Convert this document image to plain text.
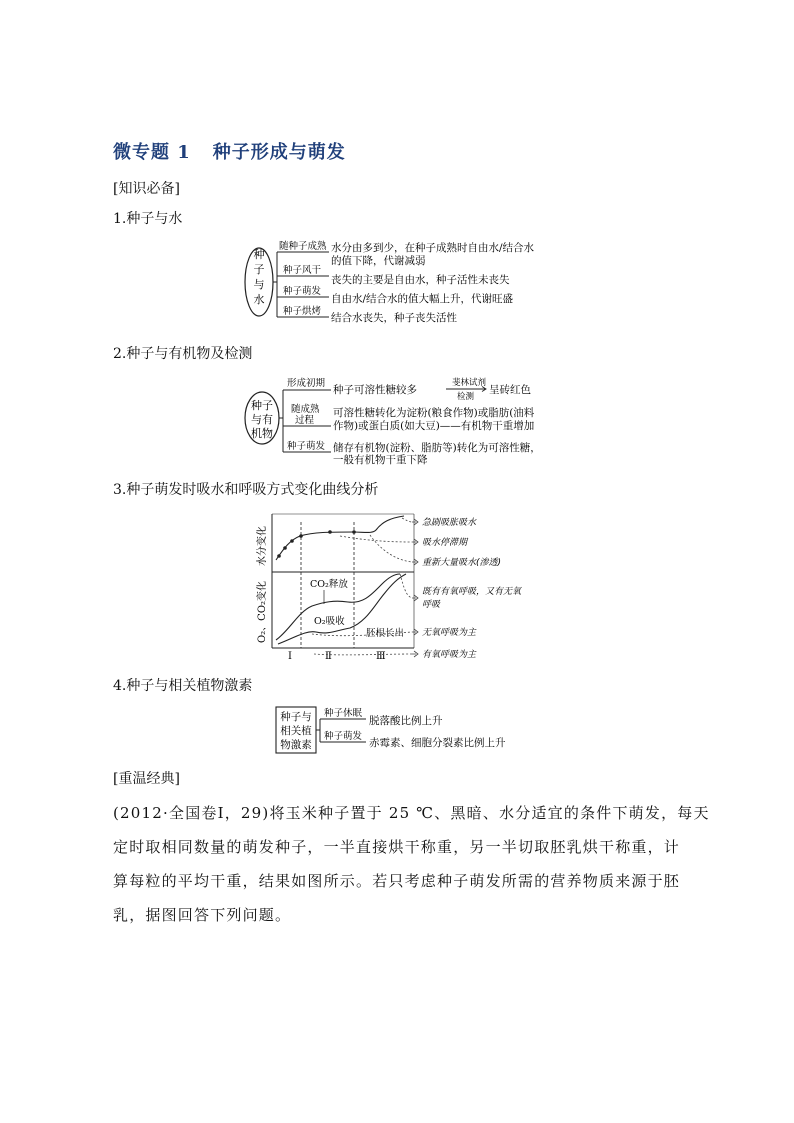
微专题 1 种子形成与萌发
[知识必备]
1.种子与水
种
子
与
水
随种子成熟
种子风干
种子萌发
种子烘烤
水分由多到少，在种子成熟时自由水/结合水
的值下降，代谢减弱
丧失的主要是自由水，种子活性未丧失
自由水/结合水的值大幅上升，代谢旺盛
结合水丧失，种子丧失活性
2.种子与有机物及检测
种子
与有
机物
形成初期
随成熟
过程
种子萌发
种子可溶性糖较多
斐林试剂
检测
呈砖红色
可溶性糖转化为淀粉(粮食作物)或脂肪(油料
作物)或蛋白质(如大豆)——有机物干重增加
储存有机物(淀粉、脂肪等)转化为可溶性糖，
一般有机物干重下降
3.种子萌发时吸水和呼吸方式变化曲线分析
水分变化
O₂、CO₂变化	CO₂释放
O₂吸收
胚根长出
Ⅰ	Ⅱ	Ⅲ
急剧吸胀吸水
吸水停滞期
重新大量吸水(渗透)
既有有氧呼吸，又有无氧
呼吸
无氧呼吸为主
有氧呼吸为主
4.种子与相关植物激素
种子与
相关植
物激素
种子休眠
种子萌发
脱落酸比例上升
赤霉素、细胞分裂素比例上升
[重温经典]
(2012·全国卷Ⅰ，29)将玉米种子置于 25 ℃、黑暗、水分适宜的条件下萌发，每天
定时取相同数量的萌发种子，一半直接烘干称重，另一半切取胚乳烘干称重，计
算每粒的平均干重，结果如图所示。若只考虑种子萌发所需的营养物质来源于胚
乳，据图回答下列问题。
